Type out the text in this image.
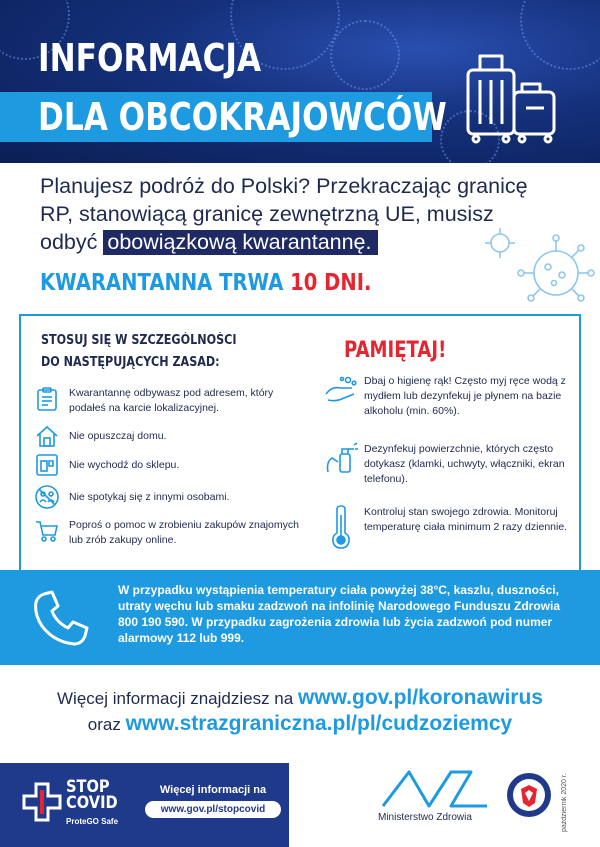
INFORMACJA
DLA OBCOKRAJOWCÓW
Planujesz podróż do Polski? Przekraczając granicę RP, stanowiącą granicę zewnętrzną UE, musisz odbyć obowiązkową kwarantannę.
KWARANTANNA TRWA 10 DNI.
STOSUJ SIĘ W SZCZEGÓLNOŚCI
DO NASTĘPUJĄCYCH ZASAD:
Kwarantannę odbywasz pod adresem, który podałeś na karcie lokalizacyjnej.
Nie opuszczaj domu.
Nie wychodź do sklepu.
Nie spotykaj się z innymi osobami.
Poproś o pomoc w zrobieniu zakupów znajomych lub zrób zakupy online.
PAMIĘTAJ!
Dbaj o higienę rąk! Często myj ręce wodą z mydłem lub dezynfekuj je płynem na bazie alkoholu (min. 60%).
Dezynfekuj powierzchnie, których często dotykasz (klamki, uchwyty, włączniki, ekran telefonu).
Kontroluj stan swojego zdrowia. Monitoruj temperaturę ciała minimum 2 razy dziennie.
W przypadku wystąpienia temperatury ciała powyżej 38°C, kaszlu, duszności, utraty węchu lub smaku zadzwoń na infolinię Narodowego Funduszu Zdrowia 800 190 590. W przypadku zagrożenia zdrowia lub życia zadzwoń pod numer alarmowy 112 lub 999.
Więcej informacji znajdziesz na www.gov.pl/koronawirus
oraz www.strazgraniczna.pl/pl/cudzoziemcy
STOP
COVID
ProteGO Safe
Więcej informacji na
www.gov.pl/stopcovid
Ministerstwo Zdrowia	październik 2020 r.
